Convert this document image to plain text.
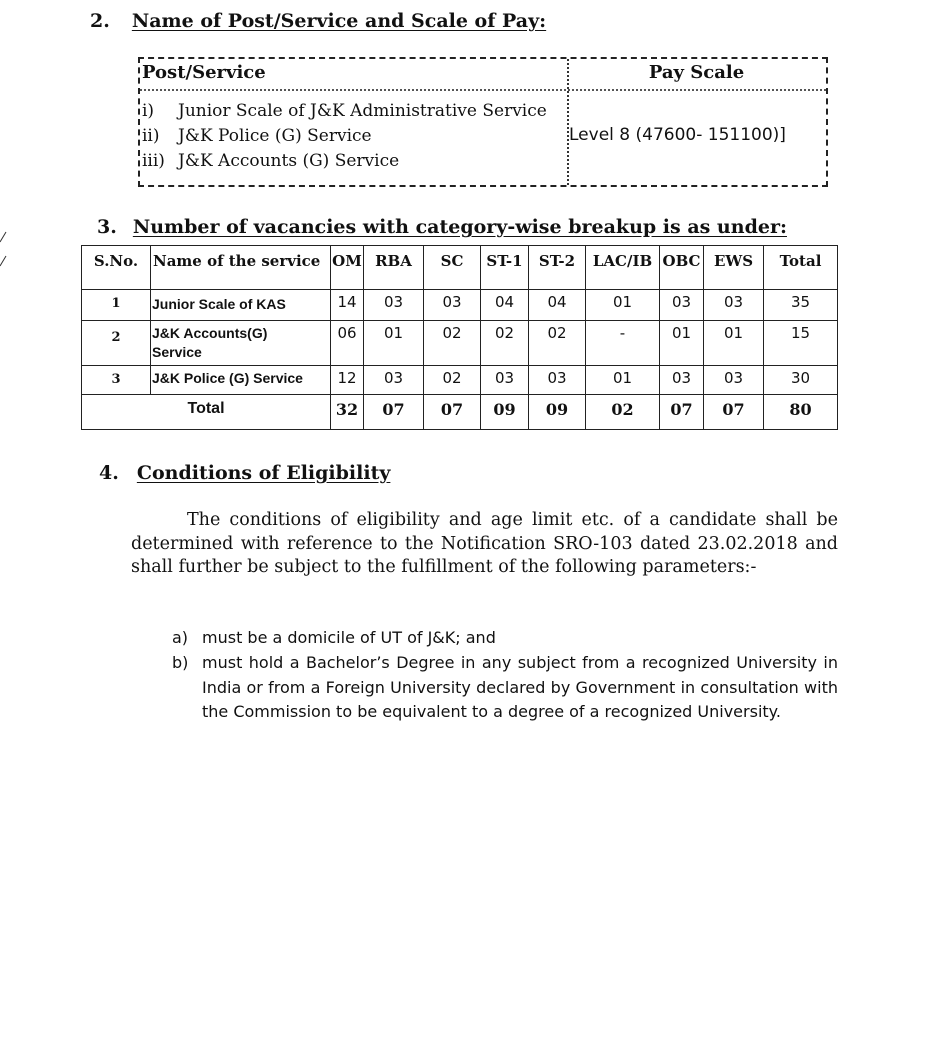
2. Name of Post/Service and Scale of Pay:
Post/Service	Pay Scale
i) Junior Scale of J&K Administrative Service
ii) J&K Police (G) Service
iii) J&K Accounts (G) Service
Level 8 (47600- 151100)]
3. Number of vacancies with category-wise breakup is as under:
S.No.	Name of the service	OM	RBA	SC	ST-1	ST-2	LAC/IB	OBC	EWS	Total
1	Junior Scale of KAS	14	03	03	04	04	01	03	03	35
2	J&K Accounts(G) Service	06	01	02	02	02	-	01	01	15
3	J&K Police (G) Service	12	03	02	03	03	01	03	03	30
Total		32	07	07	09	09	02	07	07	80
4. Conditions of Eligibility
The conditions of eligibility and age limit etc. of a candidate shall be determined with reference to the Notification SRO-103 dated 23.02.2018 and shall further be subject to the fulfillment of the following parameters:-
a) must be a domicile of UT of J&K; and
b) must hold a Bachelor’s Degree in any subject from a recognized University in India or from a Foreign University declared by Government in consultation with the Commission to be equivalent to a degree of a recognized University.
